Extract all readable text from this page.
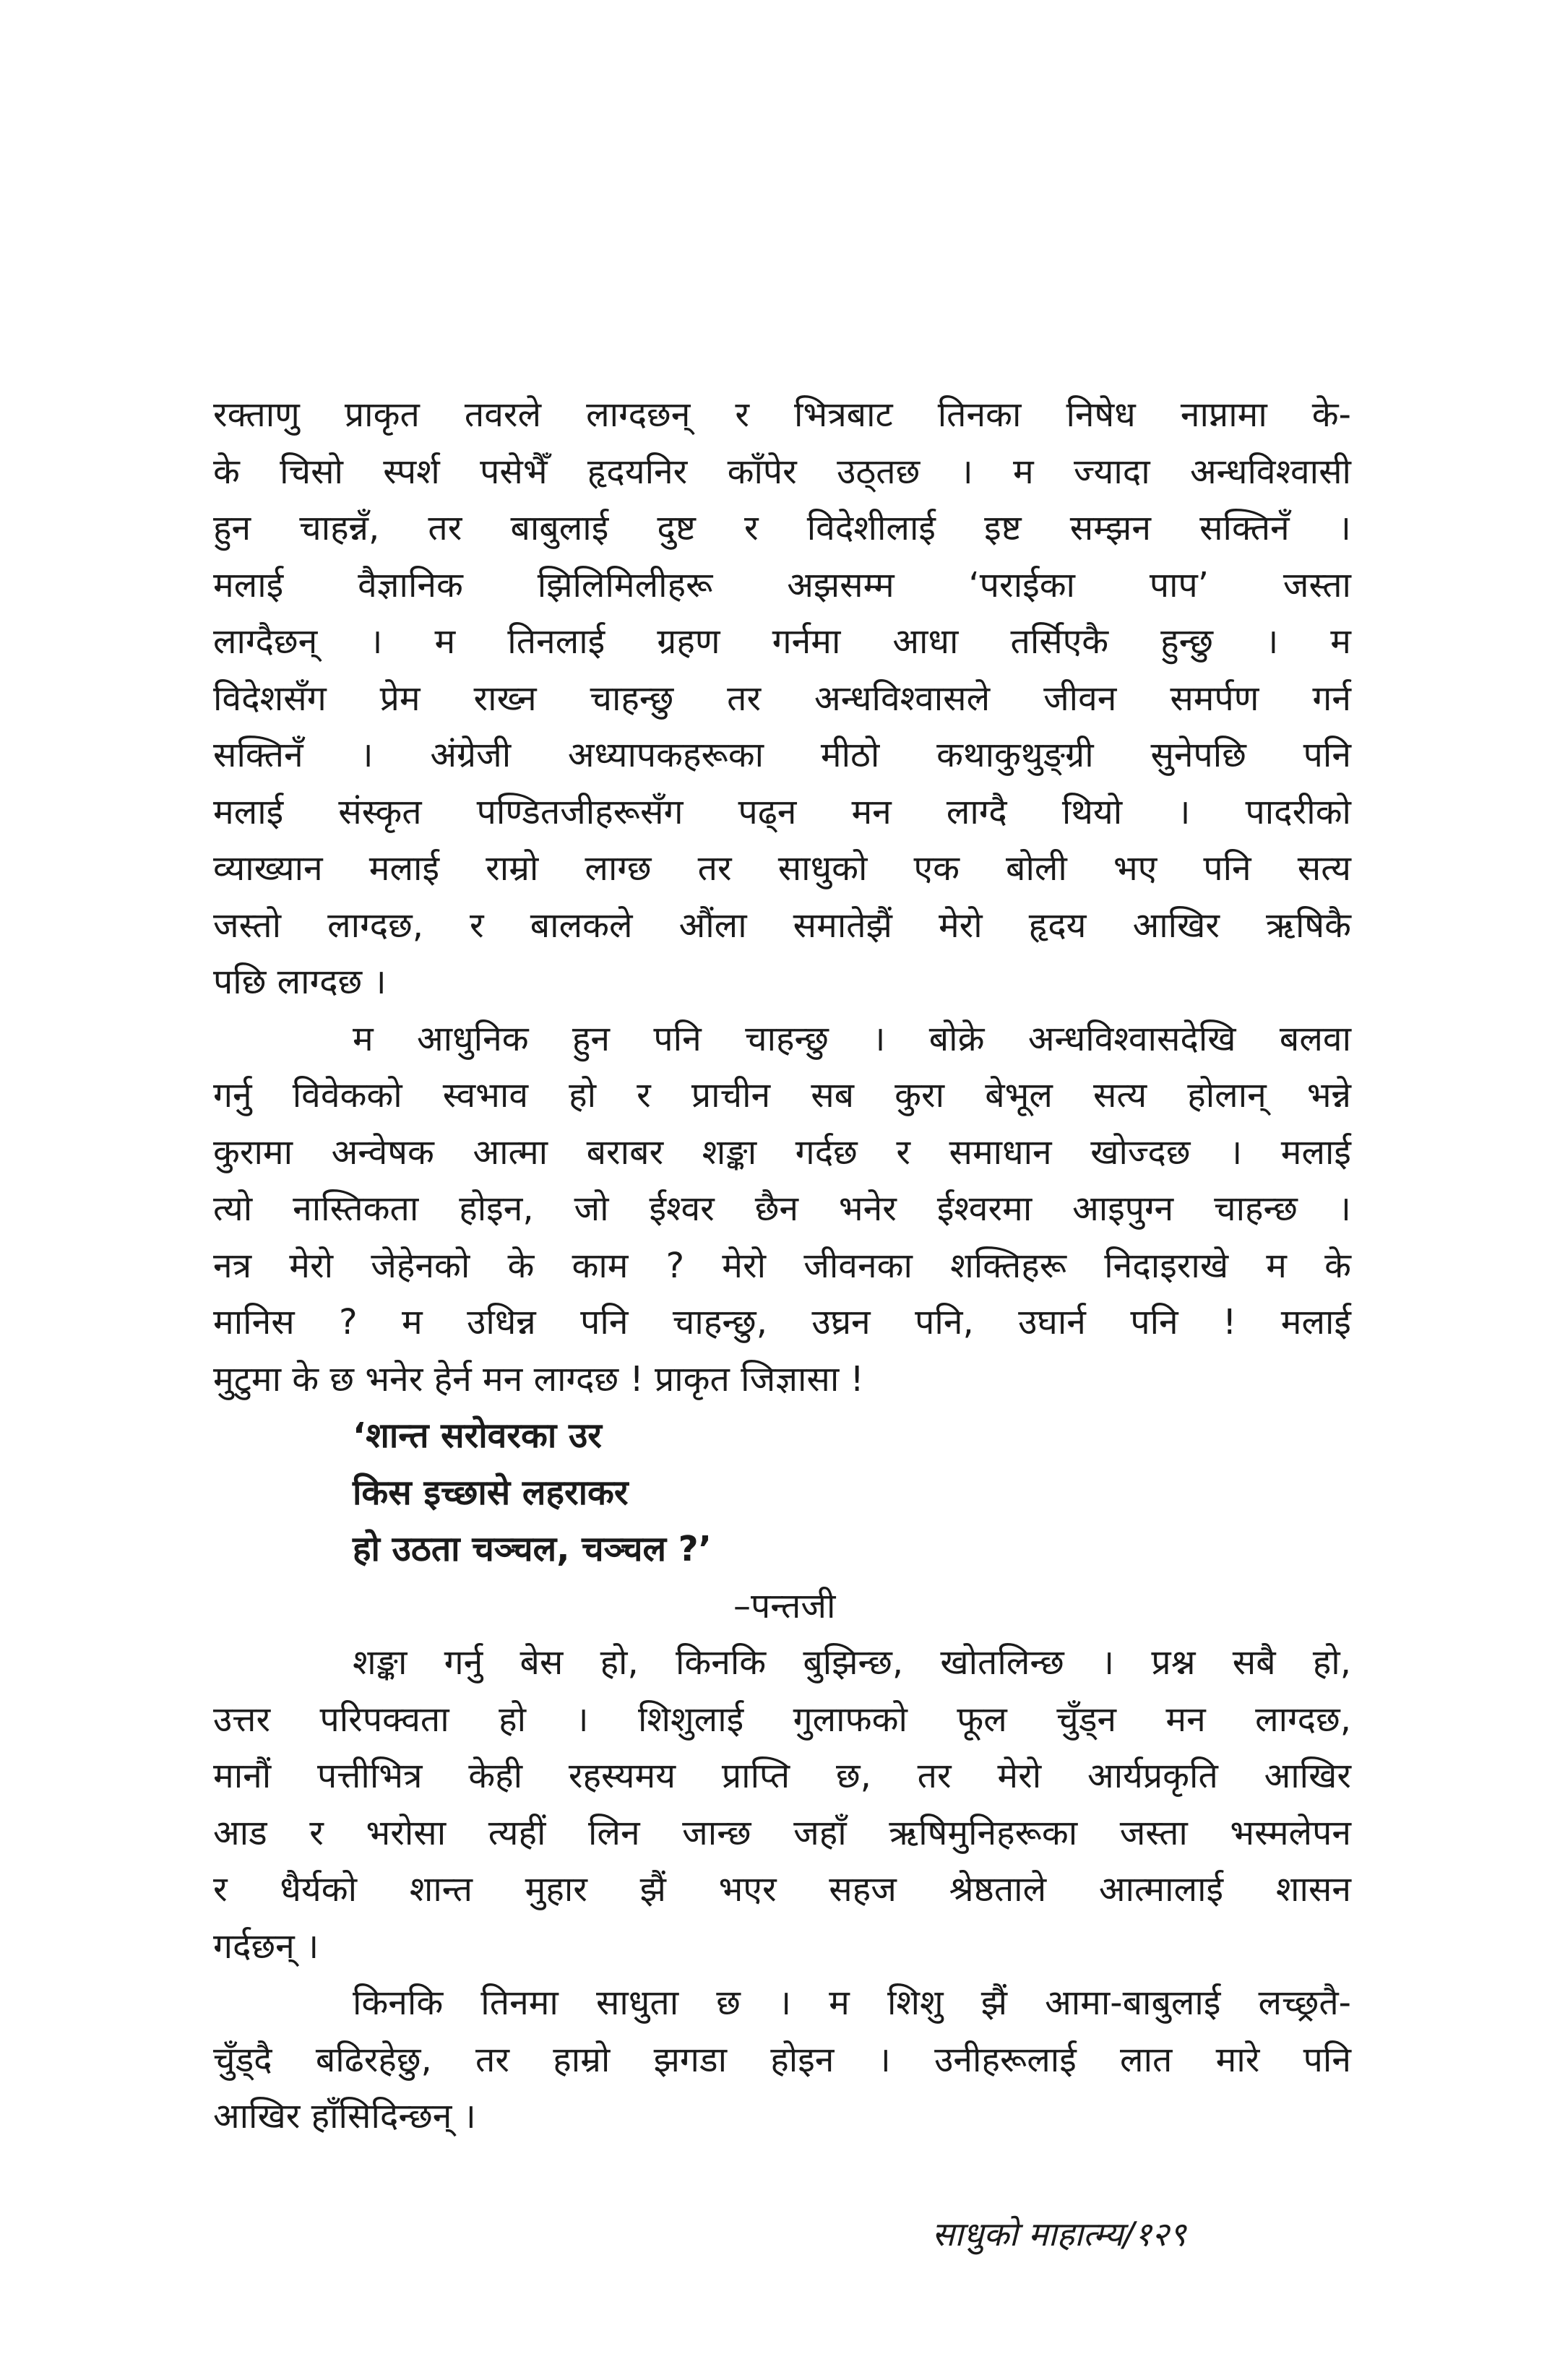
रक्ताणु प्राकृत तवरले लाग्दछन् र भित्रबाट तिनका निषेध नाप्नामा के-
के चिसो स्पर्श पसेभैँ हृदयनिर काँपेर उठ्तछ । म ज्यादा अन्धविश्वासी
हुन चाहन्नँ, तर बाबुलाई दुष्ट र विदेशीलाई इष्ट सम्झन सक्तिनँ ।
मलाई वैज्ञानिक झिलिमिलीहरू अझसम्म ‘पराईका पाप’ जस्ता
लाग्दैछन् । म तिनलाई ग्रहण गर्नमा आधा तर्सिएकै हुन्छु । म
विदेशसँग प्रेम राख्न चाहन्छु तर अन्धविश्वासले जीवन समर्पण गर्न
सक्तिनँ । अंग्रेजी अध्यापकहरूका मीठो कथाकुथुङ्ग्री सुनेपछि पनि
मलाई संस्कृत पण्डितजीहरूसँग पढ्न मन लाग्दै थियो । पादरीको
व्याख्यान मलाई राम्रो लाग्छ तर साधुको एक बोली भए पनि सत्य
जस्तो लाग्दछ, र बालकले औंला समातेझैं मेरो हृदय आखिर ऋषिकै
पछि लाग्दछ ।
म आधुनिक हुन पनि चाहन्छु । बोक्रे अन्धविश्वासदेखि बलवा
गर्नु विवेकको स्वभाव हो र प्राचीन सब कुरा बेभूल सत्य होलान् भन्ने
कुरामा अन्वेषक आत्मा बराबर शङ्का गर्दछ र समाधान खोज्दछ । मलाई
त्यो नास्तिकता होइन, जो ईश्वर छैन भनेर ईश्वरमा आइपुग्न चाहन्छ ।
नत्र मेरो जेहेनको के काम ? मेरो जीवनका शक्तिहरू निदाइराखे म के
मानिस ? म उधिन्न पनि चाहन्छु, उघ्रन पनि, उघार्न पनि ! मलाई
मुटुमा के छ भनेर हेर्न मन लाग्दछ ! प्राकृत जिज्ञासा !
‘शान्त सरोवरका उर
किस इच्छासे लहराकर
हो उठता चञ्चल, चञ्चल ?’
–पन्तजी
शङ्का गर्नु बेस हो, किनकि बुझिन्छ, खोतलिन्छ । प्रश्न सबै हो,
उत्तर परिपक्वता हो । शिशुलाई गुलाफको फूल चुँड्न मन लाग्दछ,
मानौं पत्तीभित्र केही रहस्यमय प्राप्ति छ, तर मेरो आर्यप्रकृति आखिर
आड र भरोसा त्यहीं लिन जान्छ जहाँ ऋषिमुनिहरूका जस्ता भस्मलेपन
र धैर्यको शान्त मुहार झैं भएर सहज श्रेष्ठताले आत्मालाई शासन
गर्दछन् ।
किनकि तिनमा साधुता छ । म शिशु झैं आमा-बाबुलाई लच्छ्रतै-
चुँड्दै बढिरहेछु, तर हाम्रो झगडा होइन । उनीहरूलाई लात मारे पनि
आखिर हाँसिदिन्छन् ।
साधुको माहात्म्य/१२९
